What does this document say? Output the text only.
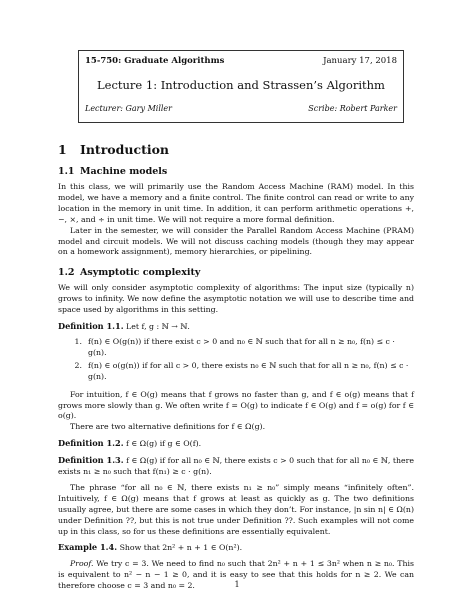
15-750: Graduate Algorithms	January 17, 2018
Lecture 1: Introduction and Strassen’s Algorithm
Lecturer: Gary Miller	Scribe: Robert Parker
1 Introduction
1.1 Machine models

In this class, we will primarily use the Random Access Machine (RAM) model. In this model, we have a memory and a finite control. The finite control can read or write to any location in the memory in unit time. In addition, it can perform arithmetic operations +, −, ×, and ÷ in unit time. We will not require a more formal definition.

Later in the semester, we will consider the Parallel Random Access Machine (PRAM) model and circuit models. We will not discuss caching models (though they may appear on a homework assignment), memory hierarchies, or pipelining.

1.2 Asymptotic complexity

We will only consider asymptotic complexity of algorithms: The input size (typically n) grows to infinity. We now define the asymptotic notation we will use to describe time and space used by algorithms in this setting.

Definition 1.1. Let f, g : ℕ → ℕ.

1. f(n) ∈ O(g(n)) if there exist c > 0 and n₀ ∈ ℕ such that for all n ≥ n₀, f(n) ≤ c · g(n).
2. f(n) ∈ o(g(n)) if for all c > 0, there exists n₀ ∈ ℕ such that for all n ≥ n₀, f(n) ≤ c · g(n).

For intuition, f ∈ O(g) means that f grows no faster than g, and f ∈ o(g) means that f grows more slowly than g. We often write f = O(g) to indicate f ∈ O(g) and f = o(g) for f ∈ o(g).

There are two alternative definitions for f ∈ Ω(g).

Definition 1.2. f ∈ Ω(g) if g ∈ O(f).

Definition 1.3. f ∈ Ω(g) if for all n₀ ∈ ℕ, there exists c > 0 such that for all n₀ ∈ ℕ, there exists n₁ ≥ n₀ such that f(n₁) ≥ c · g(n).

The phrase “for all n₀ ∈ ℕ, there exists n₁ ≥ n₀” simply means “infinitely often”. Intuitively, f ∈ Ω(g) means that f grows at least as quickly as g. The two definitions usually agree, but there are some cases in which they don’t. For instance, |n sin n| ∈ Ω(n) under Definition ??, but this is not true under Definition ??. Such examples will not come up in this class, so for us these definitions are essentially equivalent.

Example 1.4. Show that 2n² + n + 1 ∈ O(n²).

Proof. We try c = 3. We need to find n₀ such that 2n² + n + 1 ≤ 3n² when n ≥ n₀. This is equivalent to n² − n − 1 ≥ 0, and it is easy to see that this holds for n ≥ 2. We can therefore choose c = 3 and n₀ = 2.	1
